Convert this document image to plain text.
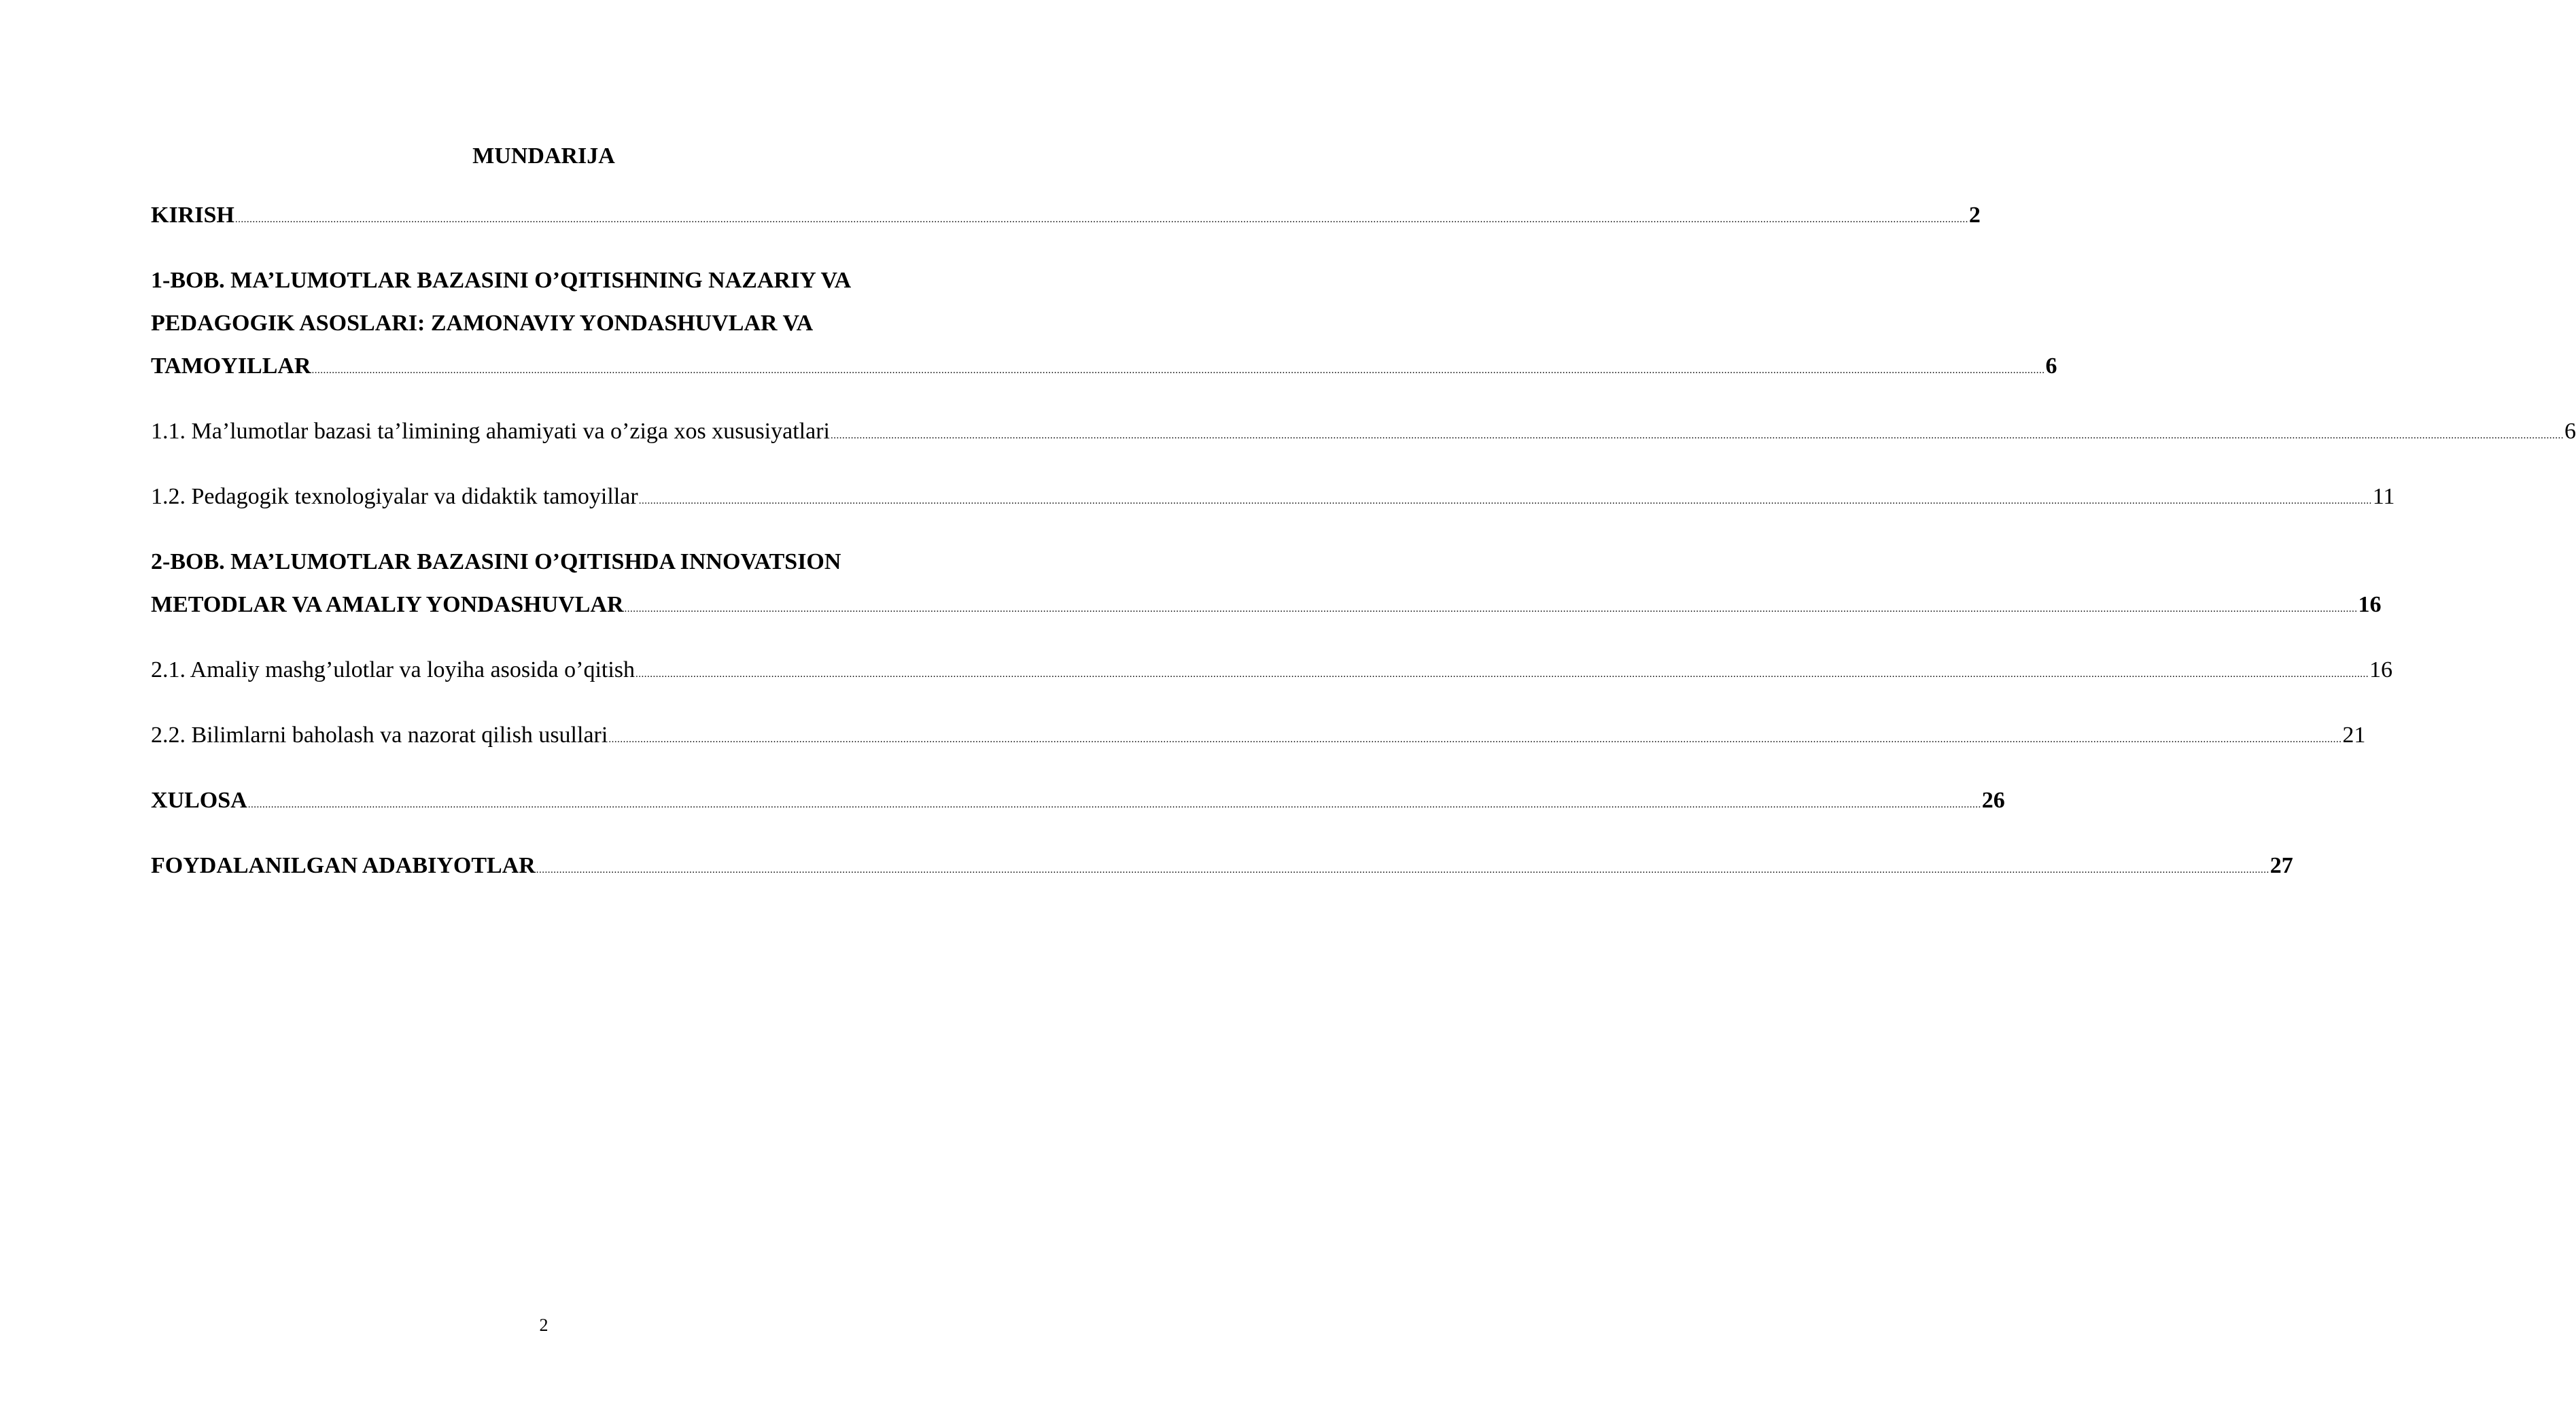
MUNDARIJA
KIRISH ........................................................................................................................................................................................................................................................................................................................................................................................................................................................................................................................................................................................................................ 2
1-BOB. MA’LUMOTLAR BAZASINI O’QITISHNING NAZARIY VA
PEDAGOGIK ASOSLARI: ZAMONAVIY YONDASHUVLAR VA
TAMOYILLAR ........................................................................................................................................................................................................................................................................................................................................................................................................................................................................................................................................................................................................................ 6
1.1. Ma’lumotlar bazasi ta’limining ahamiyati va o’ziga xos xususiyatlari ........................................................................................................................................................................................................................................................................................................................................................................................................................................................................................................................................................................................................................ 6
1.2. Pedagogik texnologiyalar va didaktik tamoyillar ........................................................................................................................................................................................................................................................................................................................................................................................................................................................................................................................................................................................................................ 11
2-BOB. MA’LUMOTLAR BAZASINI O’QITISHDA INNOVATSION
METODLAR VA AMALIY YONDASHUVLAR ........................................................................................................................................................................................................................................................................................................................................................................................................................................................................................................................................................................................................................ 16
2.1. Amaliy mashg’ulotlar va loyiha asosida o’qitish ........................................................................................................................................................................................................................................................................................................................................................................................................................................................................................................................................................................................................................ 16
2.2. Bilimlarni baholash va nazorat qilish usullari ........................................................................................................................................................................................................................................................................................................................................................................................................................................................................................................................................................................................................................ 21
XULOSA ........................................................................................................................................................................................................................................................................................................................................................................................................................................................................................................................................................................................................................ 26
FOYDALANILGAN ADABIYOTLAR ........................................................................................................................................................................................................................................................................................................................................................................................................................................................................................................................................................................................................................ 27
2
